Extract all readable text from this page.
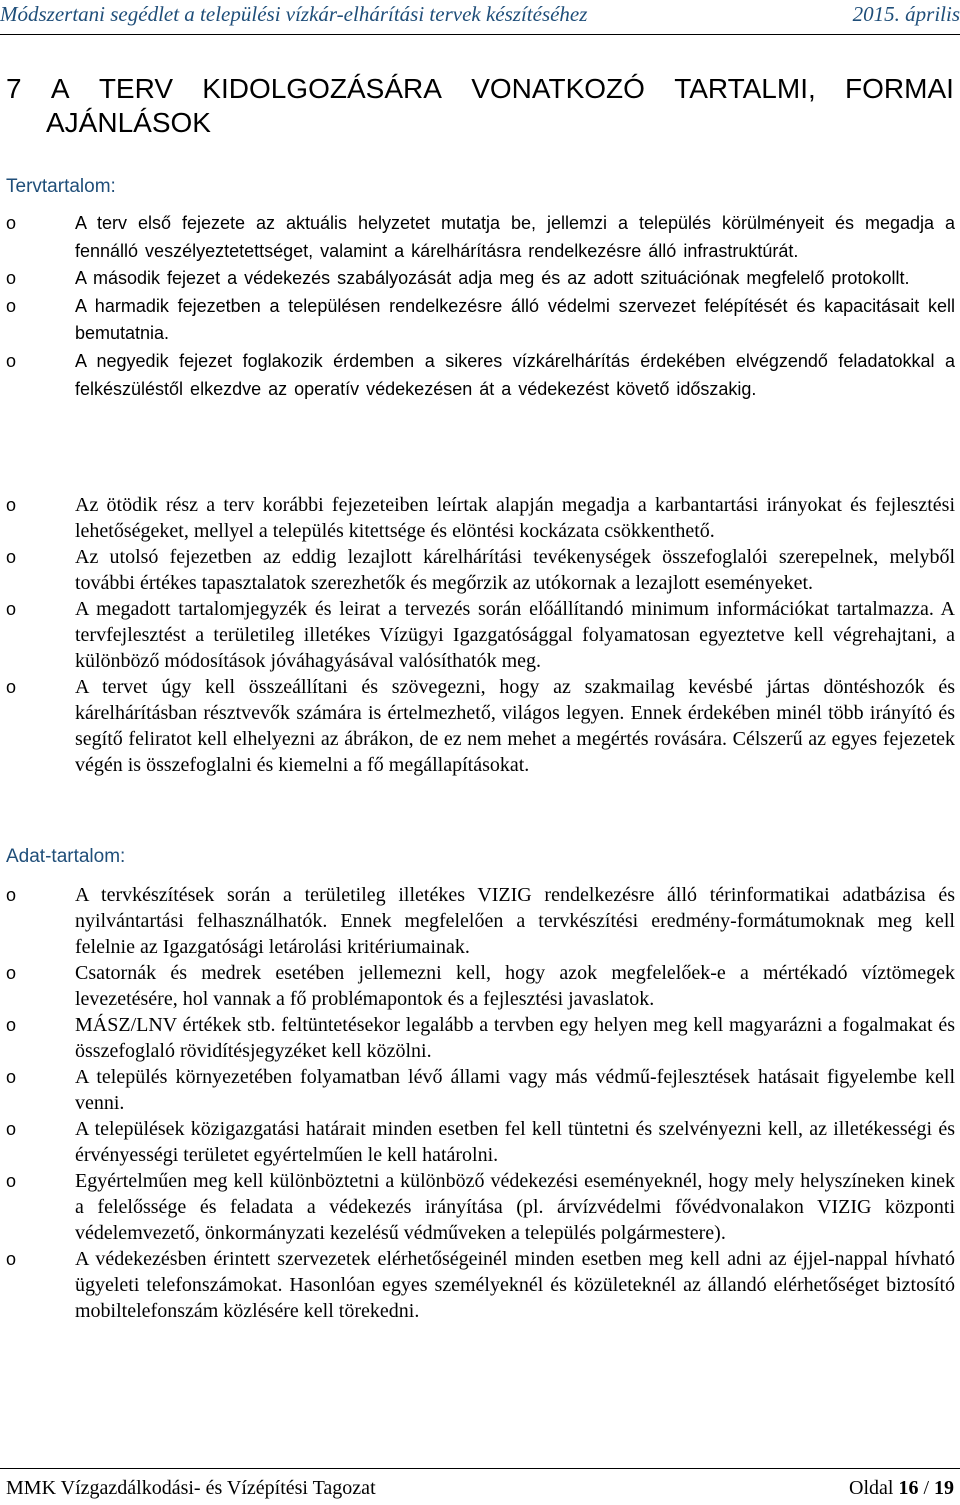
Módszertani segédlet a települési vízkár-elhárítási tervek készítéséhez	2015. április
7 A TERV KIDOLGOZÁSÁRA VONATKOZÓ TARTALMI, FORMAI
AJÁNLÁSOK
Tervtartalom:
o	A terv első fejezete az aktuális helyzetet mutatja be, jellemzi a település körülményeit és megadja a fennálló veszélyeztetettséget, valamint a kárelhárításra rendelkezésre álló infrastruktúrát.
o	A második fejezet a védekezés szabályozását adja meg és az adott szituációnak megfelelő protokollt.
o	A harmadik fejezetben a településen rendelkezésre álló védelmi szervezet felépítését és kapacitásait kell bemutatnia.
o	A negyedik fejezet foglakozik érdemben a sikeres vízkárelhárítás érdekében elvégzendő feladatokkal a felkészüléstől elkezdve az operatív védekezésen át a védekezést követő időszakig.
o	Az ötödik rész a terv korábbi fejezeteiben leírtak alapján megadja a karbantartási irányokat és fejlesztési lehetőségeket, mellyel a település kitettsége és elöntési kockázata csökkenthető.
o	Az utolsó fejezetben az eddig lezajlott kárelhárítási tevékenységek összefoglalói szerepelnek, melyből további értékes tapasztalatok szerezhetők és megőrzik az utókornak a lezajlott eseményeket.
o	A megadott tartalomjegyzék és leirat a tervezés során előállítandó minimum információkat tartalmazza. A tervfejlesztést a területileg illetékes Vízügyi Igazgatósággal folyamatosan egyeztetve kell végrehajtani, a különböző módosítások jóváhagyásával valósíthatók meg.
o	A tervet úgy kell összeállítani és szövegezni, hogy az szakmailag kevésbé jártas döntéshozók és kárelhárításban résztvevők számára is értelmezhető, világos legyen. Ennek érdekében minél több irányító és segítő feliratot kell elhelyezni az ábrákon, de ez nem mehet a megértés rovására. Célszerű az egyes fejezetek végén is összefoglalni és kiemelni a fő megállapításokat.
Adat-tartalom:
o	A tervkészítések során a területileg illetékes VIZIG rendelkezésre álló térinformatikai adatbázisa és nyilvántartási felhasználhatók. Ennek megfelelően a tervkészítési eredmény-formátumoknak meg kell felelnie az Igazgatósági letárolási kritériumainak.
o	Csatornák és medrek esetében jellemezni kell, hogy azok megfelelőek-e a mértékadó víztömegek levezetésére, hol vannak a fő problémapontok és a fejlesztési javaslatok.
o	MÁSZ/LNV értékek stb. feltüntetésekor legalább a tervben egy helyen meg kell magyarázni a fogalmakat és összefoglaló rövidítésjegyzéket kell közölni.
o	A település környezetében folyamatban lévő állami vagy más védmű-fejlesztések hatásait figyelembe kell venni.
o	A települések közigazgatási határait minden esetben fel kell tüntetni és szelvényezni kell, az illetékességi és érvényességi területet egyértelműen le kell határolni.
o	Egyértelműen meg kell különböztetni a különböző védekezési eseményeknél, hogy mely helyszíneken kinek a felelőssége és feladata a védekezés irányítása (pl. árvízvédelmi fővédvonalakon VIZIG központi védelemvezető, önkormányzati kezelésű védműveken a település polgármestere).
o	A védekezésben érintett szervezetek elérhetőségeinél minden esetben meg kell adni az éjjel-nappal hívható ügyeleti telefonszámokat. Hasonlóan egyes személyeknél és közületeknél az állandó elérhetőséget biztosító mobiltelefonszám közlésére kell törekedni.
MMK Vízgazdálkodási- és Vízépítési Tagozat	Oldal 16 / 19
